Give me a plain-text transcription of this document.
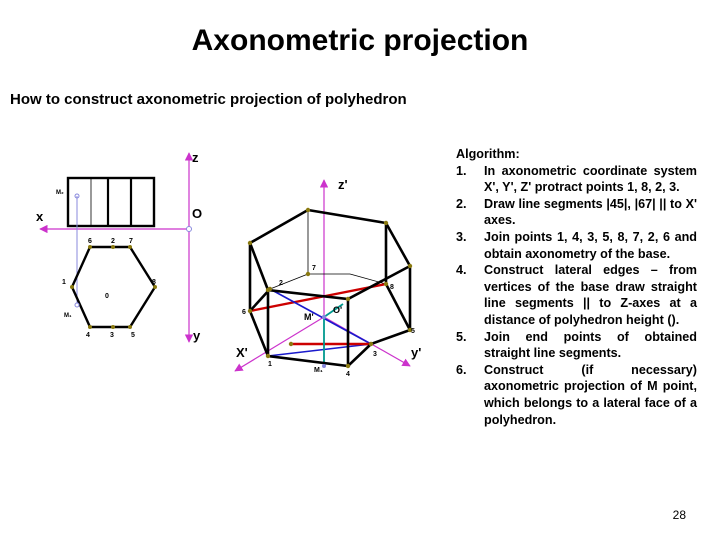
Axonometric projection
How to construct axonometric projection of polyhedron
x
z
y
O
M₂
6	2 7
1	8
0
M₁
4	3 5
z'
X'	y'
O'
M'
M₁
7
2
8
6
5
1
3
4
Algorithm:
1.	In axonometric coordinate system X', Y', Z' protract points 1, 8, 2, 3.
2.	Draw line segments |45|, |67| || to X' axes.
3.	Join points 1, 4, 3, 5, 8, 7, 2, 6 and obtain axonometry of the base.
4.	Construct lateral edges – from vertices of the base draw straight line segments || to Z-axes at a distance of polyhedron height ().
5.	Join end points of obtained straight line segments.
6.	Construct (if necessary) axonometric projection of M point, which belongs to a lateral face of a polyhedron.
28
